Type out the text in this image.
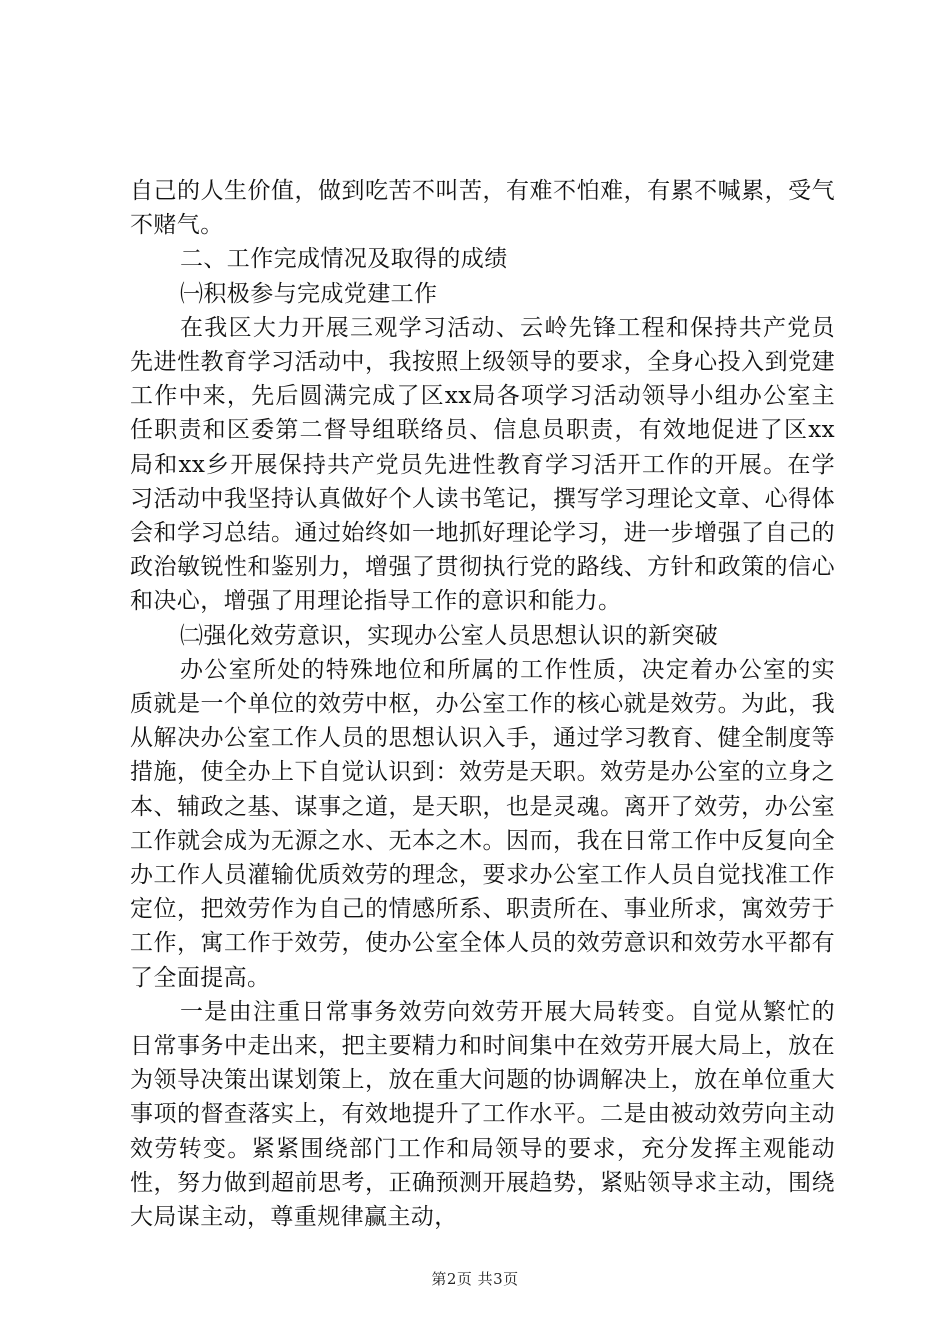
自己的人生价值，做到吃苦不叫苦，有难不怕难，有累不喊累，受气不赌气。

二、工作完成情况及取得的成绩

㈠积极参与完成党建工作

在我区大力开展三观学习活动、云岭先锋工程和保持共产党员先进性教育学习活动中，我按照上级领导的要求，全身心投入到党建工作中来，先后圆满完成了区xx局各项学习活动领导小组办公室主任职责和区委第二督导组联络员、信息员职责，有效地促进了区xx局和xx乡开展保持共产党员先进性教育学习活开工作的开展。在学习活动中我坚持认真做好个人读书笔记，撰写学习理论文章、心得体会和学习总结。通过始终如一地抓好理论学习，进一步增强了自己的政治敏锐性和鉴别力，增强了贯彻执行党的路线、方针和政策的信心和决心，增强了用理论指导工作的意识和能力。

㈡强化效劳意识，实现办公室人员思想认识的新突破

办公室所处的特殊地位和所属的工作性质，决定着办公室的实质就是一个单位的效劳中枢，办公室工作的核心就是效劳。为此，我从解决办公室工作人员的思想认识入手，通过学习教育、健全制度等措施，使全办上下自觉认识到：效劳是天职。效劳是办公室的立身之本、辅政之基、谋事之道，是天职，也是灵魂。离开了效劳，办公室工作就会成为无源之水、无本之木。因而，我在日常工作中反复向全办工作人员灌输优质效劳的理念，要求办公室工作人员自觉找准工作定位，把效劳作为自己的情感所系、职责所在、事业所求，寓效劳于工作，寓工作于效劳，使办公室全体人员的效劳意识和效劳水平都有了全面提高。

一是由注重日常事务效劳向效劳开展大局转变。自觉从繁忙的日常事务中走出来，把主要精力和时间集中在效劳开展大局上，放在为领导决策出谋划策上，放在重大问题的协调解决上，放在单位重大事项的督查落实上，有效地提升了工作水平。二是由被动效劳向主动效劳转变。紧紧围绕部门工作和局领导的要求，充分发挥主观能动性，努力做到超前思考，正确预测开展趋势，紧贴领导求主动，围绕大局谋主动，尊重规律赢主动，

第2页 共3页
